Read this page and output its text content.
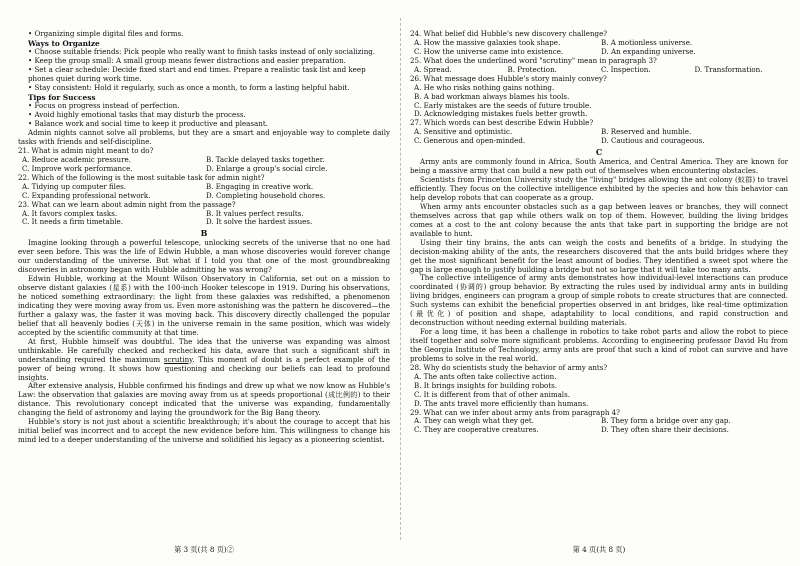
• Organizing simple digital files and forms.

Ways to Organize

• Choose suitable friends: Pick people who really want to finish tasks instead of only socializing.

• Keep the group small: A small group means fewer distractions and easier preparation.

• Set a clear schedule: Decide fixed start and end times. Prepare a realistic task list and keep phones quiet during work time.

• Stay consistent: Hold it regularly, such as once a month, to form a lasting helpful habit.

Tips for Success

• Focus on progress instead of perfection.

• Avoid highly emotional tasks that may disturb the process.

• Balance work and social time to keep it productive and pleasant.

Admin nights cannot solve all problems, but they are a smart and enjoyable way to complete daily tasks with friends and self-discipline.

21. What is admin night meant to do?

A. Reduce academic pressure.	B. Tackle delayed tasks together.
C. Improve work performance.	D. Enlarge a group's social circle.

22. Which of the following is the most suitable task for admin night?

A. Tidying up computer files.	B. Engaging in creative work.
C. Expanding professional network.	D. Completing household chores.

23. What can we learn about admin night from the passage?

A. It favors complex tasks.	B. It values perfect results.
C. It needs a firm timetable.	D. It solve the hardest issues.

B

Imagine looking through a powerful telescope, unlocking secrets of the universe that no one had ever seen before. This was the life of Edwin Hubble, a man whose discoveries would forever change our understanding of the universe. But what if I told you that one of the most groundbreaking discoveries in astronomy began with Hubble admitting he was wrong?

Edwin Hubble, working at the Mount Wilson Observatory in California, set out on a mission to observe distant galaxies (星系) with the 100-inch Hooker telescope in 1919. During his observations, he noticed something extraordinary: the light from these galaxies was redshifted, a phenomenon indicating they were moving away from us. Even more astonishing was the pattern he discovered—the further a galaxy was, the faster it was moving back. This discovery directly challenged the popular belief that all heavenly bodies (天体) in the universe remain in the same position, which was widely accepted by the scientific community at that time.

At first, Hubble himself was doubtful. The idea that the universe was expanding was almost unthinkable. He carefully checked and rechecked his data, aware that such a significant shift in understanding required the maximum scrutiny. This moment of doubt is a perfect example of the power of being wrong. It shows how questioning and checking our beliefs can lead to profound insights.

After extensive analysis, Hubble confirmed his findings and drew up what we now know as Hubble's Law: the observation that galaxies are moving away from us at speeds proportional (成比例的) to their distance. This revolutionary concept indicated that the universe was expanding, fundamentally changing the field of astronomy and laying the groundwork for the Big Bang theory.

Hubble's story is not just about a scientific breakthrough; it's about the courage to accept that his initial belief was incorrect and to accept the new evidence before him. This willingness to change his mind led to a deeper understanding of the universe and solidified his legacy as a pioneering scientist.

第 3 页(共 8 页)②

24. What belief did Hubble's new discovery challenge?

A. How the massive galaxies took shape.	B. A motionless universe.
C. How the universe came into existence.	D. An expanding universe.

25. What does the underlined word "scrutiny" mean in paragraph 3?

A. Spread.	B. Protection.	C. Inspection.	D. Transformation.

26. What message does Hubble's story mainly convey?

A. He who risks nothing gains nothing.

B. A bad workman always blames his tools.

C. Early mistakes are the seeds of future trouble.

D. Acknowledging mistakes fuels better growth.

27. Which words can best describe Edwin Hubble?

A. Sensitive and optimistic.	B. Reserved and humble.
C. Generous and open-minded.	D. Cautious and courageous.

C

Army ants are commonly found in Africa, South America, and Central America. They are known for being a massive army that can build a new path out of themselves when encountering obstacles.

Scientists from Princeton University study the "living" bridges allowing the ant colony (蚁群) to travel efficiently. They focus on the collective intelligence exhibited by the species and how this behavior can help develop robots that can cooperate as a group.

When army ants encounter obstacles such as a gap between leaves or branches, they will connect themselves across that gap while others walk on top of them. However, building the living bridges comes at a cost to the ant colony because the ants that take part in supporting the bridge are not available to hunt.

Using their tiny brains, the ants can weigh the costs and benefits of a bridge. In studying the decision-making ability of the ants, the researchers discovered that the ants build bridges where they get the most significant benefit for the least amount of bodies. They identified a sweet spot where the gap is large enough to justify building a bridge but not so large that it will take too many ants.

The collective intelligence of army ants demonstrates how individual-level interactions can produce coordinated (协调的) group behavior. By extracting the rules used by individual army ants in building living bridges, engineers can program a group of simple robots to create structures that are connected. Such systems can exhibit the beneficial properties observed in ant bridges, like real-time optimization (最优化) of position and shape, adaptability to local conditions, and rapid construction and deconstruction without needing external building materials.

For a long time, it has been a challenge in robotics to take robot parts and allow the robot to piece itself together and solve more significant problems. According to engineering professor David Hu from the Georgia Institute of Technology, army ants are proof that such a kind of robot can survive and have problems to solve in the real world.

28. Why do scientists study the behavior of army ants?

A. The ants often take collective action.

B. It brings insights for building robots.

C. It is different from that of other animals.

D. The ants travel more efficiently than humans.

29. What can we infer about army ants from paragraph 4?

A. They can weigh what they get.	B. They form a bridge over any gap.
C. They are cooperative creatures.	D. They often share their decisions.
第 4 页(共 8 页)
